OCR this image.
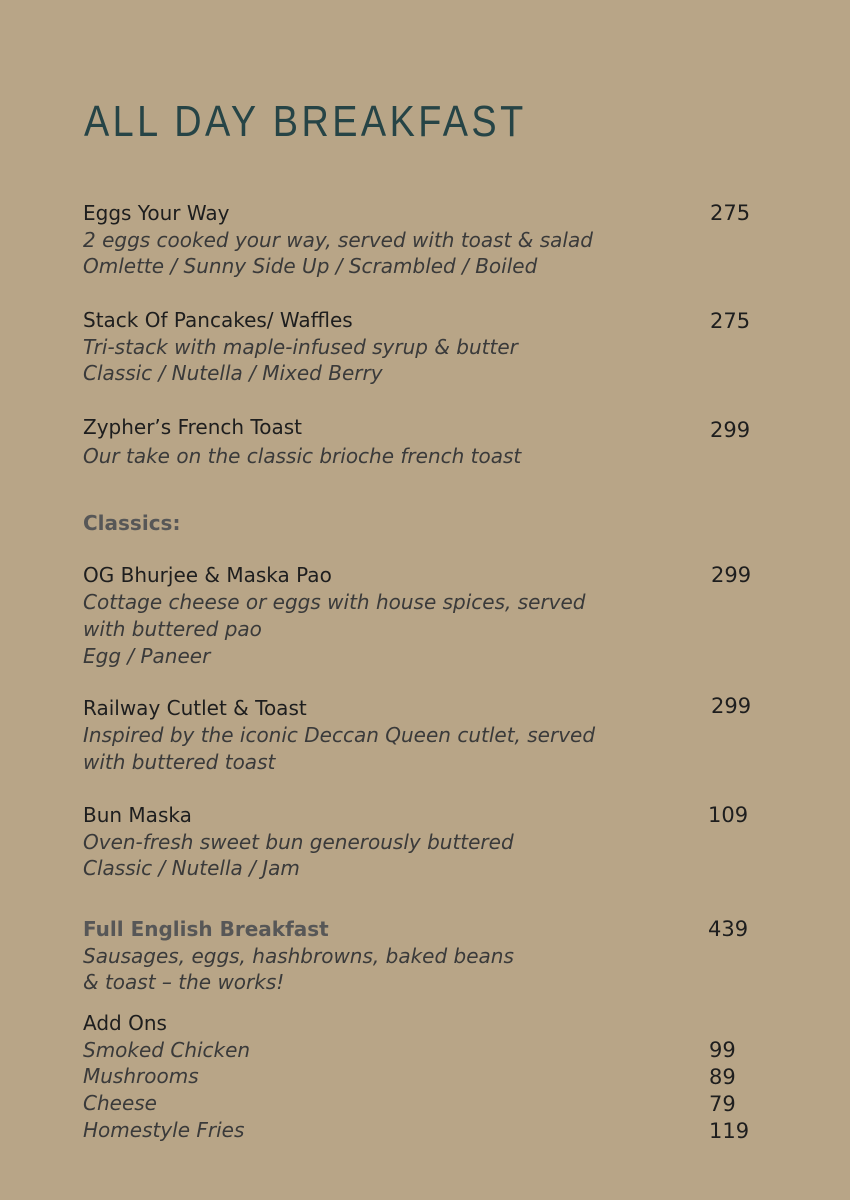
ALL DAY BREAKFAST
Eggs Your Way	275
2 eggs cooked your way, served with toast & salad
Omlette / Sunny Side Up / Scrambled / Boiled
Stack Of Pancakes/ Waffles	275
Tri-stack with maple-infused syrup & butter
Classic / Nutella / Mixed Berry
Zypher’s French Toast	299
Our take on the classic brioche french toast
Classics:
OG Bhurjee & Maska Pao	299
Cottage cheese or eggs with house spices, served
with buttered pao
Egg / Paneer
Railway Cutlet & Toast	299
Inspired by the iconic Deccan Queen cutlet, served
with buttered toast
Bun Maska	109
Oven-fresh sweet bun generously buttered
Classic / Nutella / Jam
Full English Breakfast	439
Sausages, eggs, hashbrowns, baked beans
& toast – the works!
Add Ons
Smoked Chicken	99
Mushrooms	89
Cheese	79
Homestyle Fries	119
